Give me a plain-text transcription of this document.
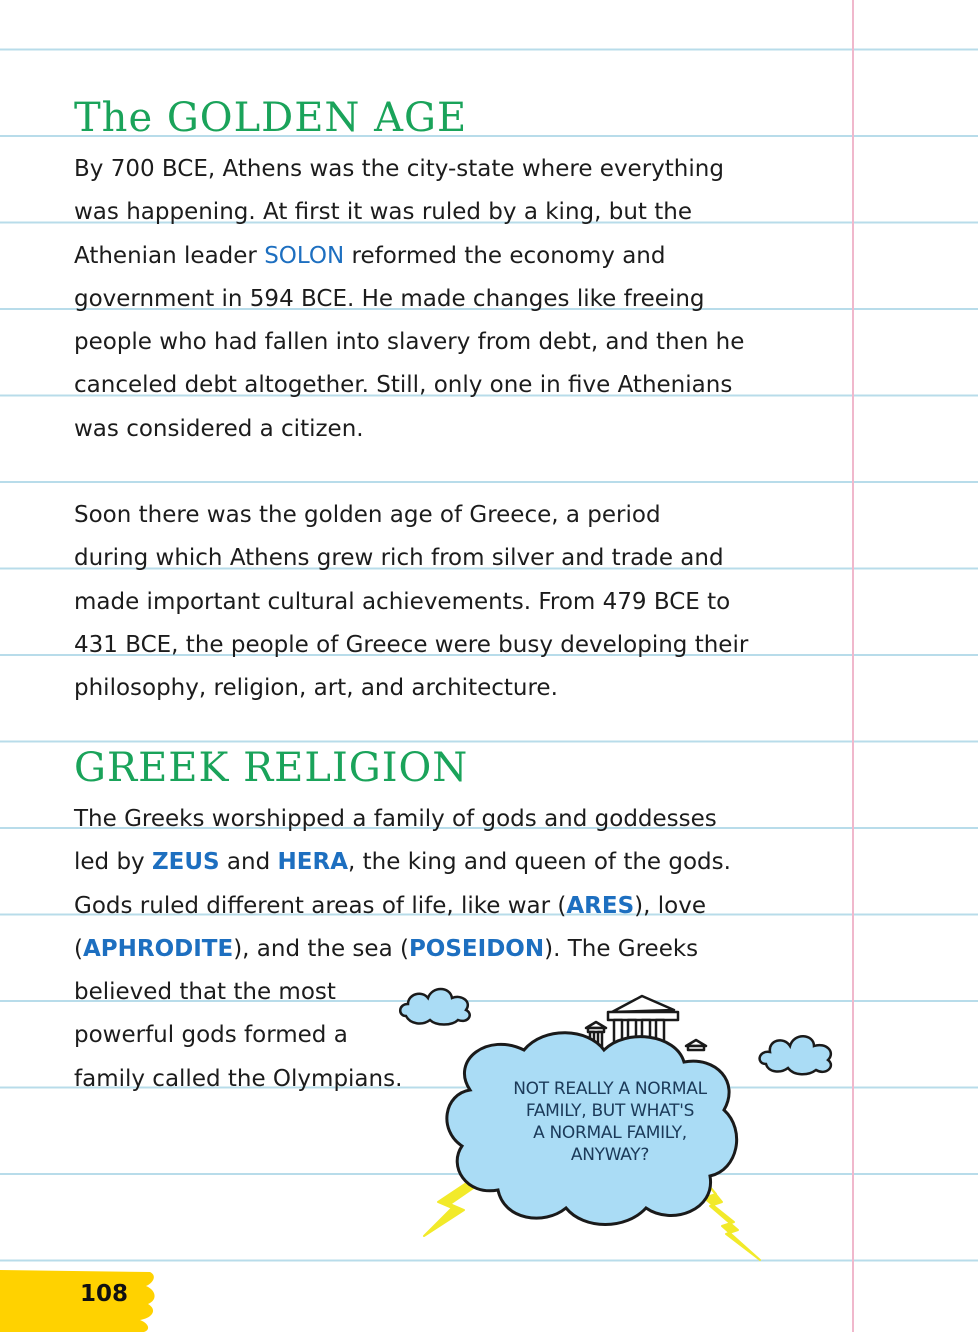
The GOLDEN AGE
By 700 BCE, Athens was the city-state where everything
was happening. At first it was ruled by a king, but the
Athenian leader SOLON reformed the economy and
government in 594 BCE. He made changes like freeing
people who had fallen into slavery from debt, and then he
canceled debt altogether. Still, only one in five Athenians
was considered a citizen.
Soon there was the golden age of Greece, a period
during which Athens grew rich from silver and trade and
made important cultural achievements. From 479 BCE to
431 BCE, the people of Greece were busy developing their
philosophy, religion, art, and architecture.
GREEK RELIGION
The Greeks worshipped a family of gods and goddesses
led by ZEUS and HERA, the king and queen of the gods.
Gods ruled different areas of life, like war (ARES), love
(APHRODITE), and the sea (POSEIDON). The Greeks
believed that the most
powerful gods formed a
family called the Olympians.	NOT REALLY A NORMAL
FAMILY, BUT WHAT'S
A NORMAL FAMILY,
ANYWAY?
108
